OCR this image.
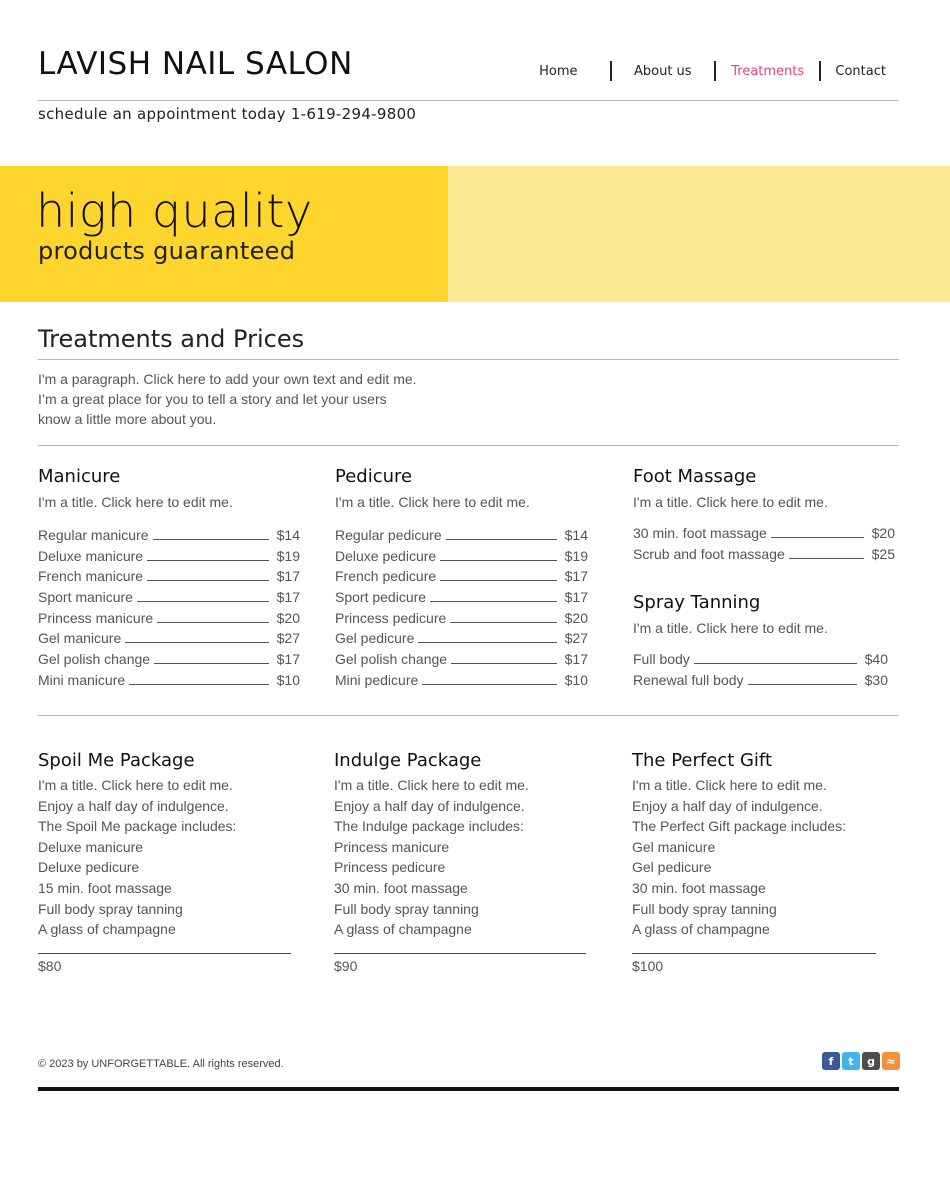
LAVISH NAIL SALON	Home	About us	Treatments	Contact
schedule an appointment today 1-619-294-9800
high quality
products guaranteed
Treatments and Prices
I'm a paragraph. Click here to add your own text and edit me.
I’m a great place for you to tell a story and let your users
know a little more about you.
Manicure
I'm a title. Click here to edit me.
Regular manicure	$14
Deluxe manicure	$19
French manicure	$17
Sport manicure	$17
Princess manicure	$20
Gel manicure	$27
Gel polish change	$17
Mini manicure	$10
Pedicure
I'm a title. Click here to edit me.
Regular pedicure	$14
Deluxe pedicure	$19
French pedicure	$17
Sport pedicure	$17
Princess pedicure	$20
Gel pedicure	$27
Gel polish change	$17
Mini pedicure	$10
Foot Massage
I'm a title. Click here to edit me.
30 min. foot massage	$20
Scrub and foot massage	$25
Spray Tanning
I'm a title. Click here to edit me.
Full body	$40
Renewal full body	$30
Spoil Me Package
I'm a title. Click here to edit me.
Enjoy a half day of indulgence.
The Spoil Me package includes:
Deluxe manicure
Deluxe pedicure
15 min. foot massage
Full body spray tanning
A glass of champagne
$80
Indulge Package
I'm a title. Click here to edit me.
Enjoy a half day of indulgence.
The Indulge package includes:
Princess manicure
Princess pedicure
30 min. foot massage
Full body spray tanning
A glass of champagne
$90
The Perfect Gift
I'm a title. Click here to edit me.
Enjoy a half day of indulgence.
The Perfect Gift package includes:
Gel manicure
Gel pedicure
30 min. foot massage
Full body spray tanning
A glass of champagne
$100
© 2023 by UNFORGETTABLE. All rights reserved.	f	t	g	≈
